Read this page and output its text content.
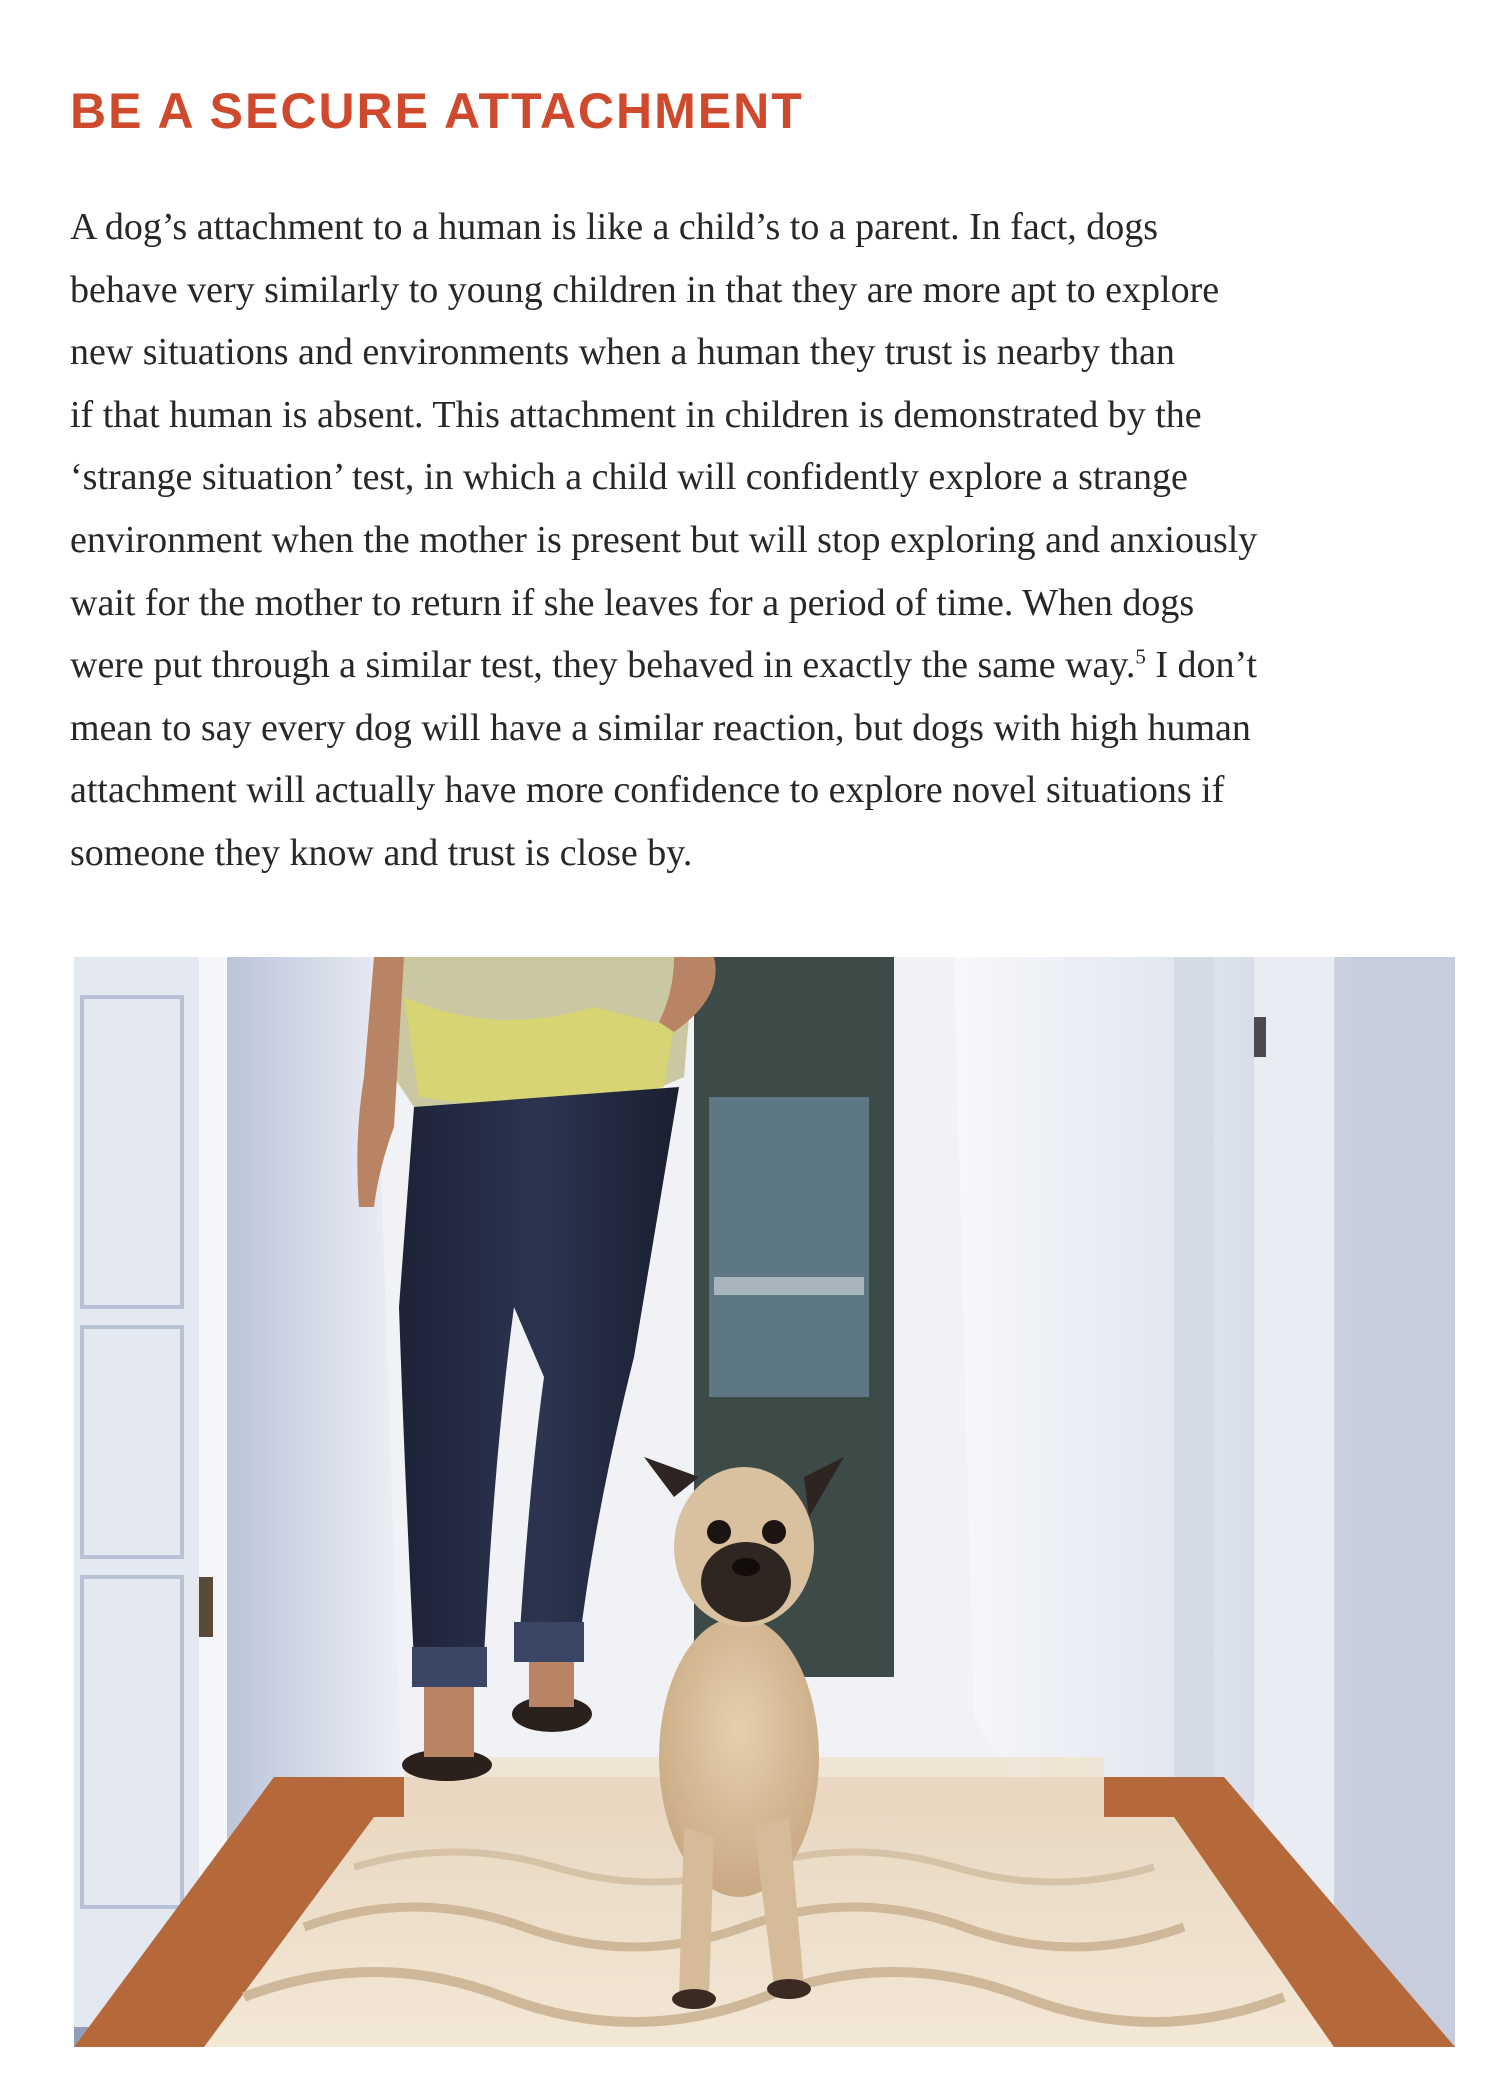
BE A SECURE ATTACHMENT
A dog’s attachment to a human is like a child’s to a parent. In fact, dogs
behave very similarly to young children in that they are more apt to explore
new situations and environments when a human they trust is nearby than
if that human is absent. This attachment in children is demonstrated by the
‘strange situation’ test, in which a child will confidently explore a strange
environment when the mother is present but will stop exploring and anxiously
wait for the mother to return if she leaves for a period of time. When dogs
were put through a similar test, they behaved in exactly the same way.$^5$ I don’t
mean to say every dog will have a similar reaction, but dogs with high human
attachment will actually have more confidence to explore novel situations if
someone they know and trust is close by.
